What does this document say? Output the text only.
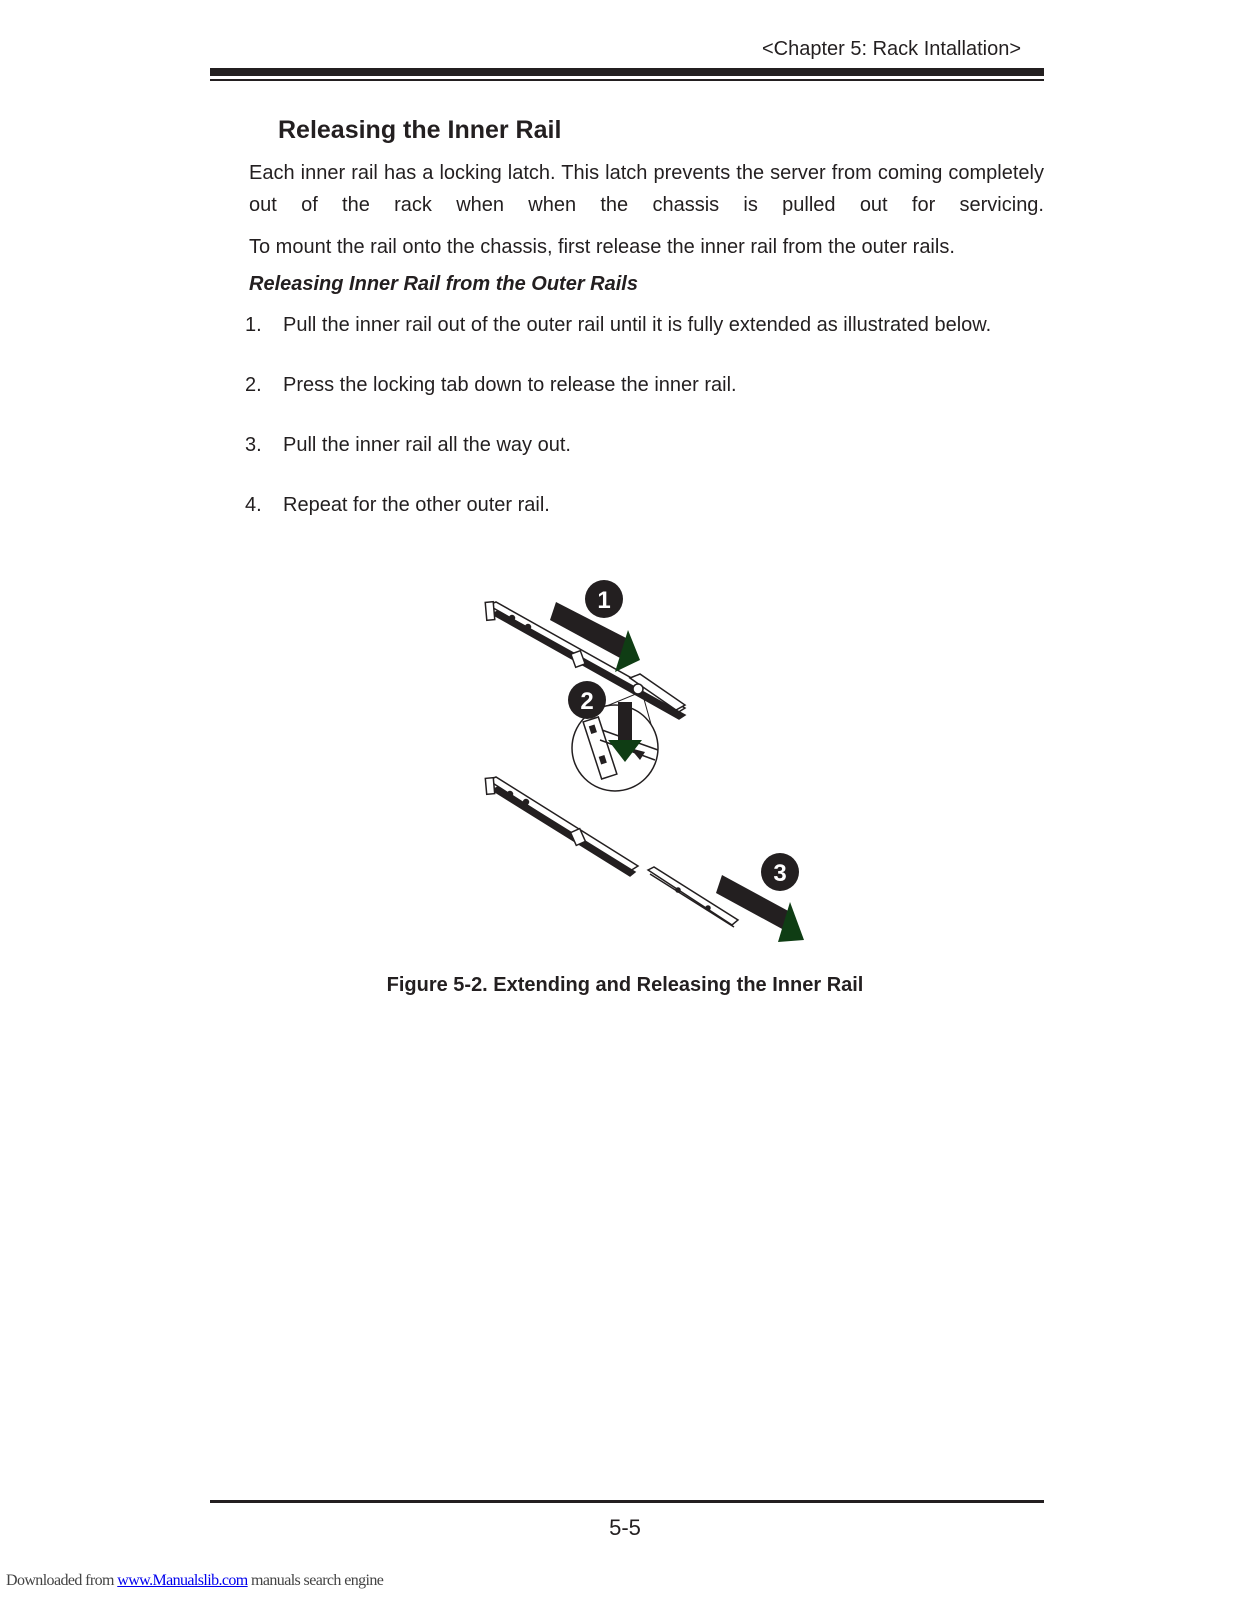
<Chapter 5: Rack Intallation>
Releasing the Inner Rail
Each inner rail has a locking latch. This latch prevents the server from coming completely out of the rack when when the chassis is pulled out for servicing.
To mount the rail onto the chassis, first release the inner rail from the outer rails.
Releasing Inner Rail from the Outer Rails
1. Pull the inner rail out of the outer rail until it is fully extended as illustrated below.
2. Press the locking tab down to release the inner rail.
3. Pull the inner rail all the way out.
4. Repeat for the other outer rail.
1
2
3
Figure 5-2. Extending and Releasing the Inner Rail
5-5
Downloaded from www.Manualslib.com manuals search engine
